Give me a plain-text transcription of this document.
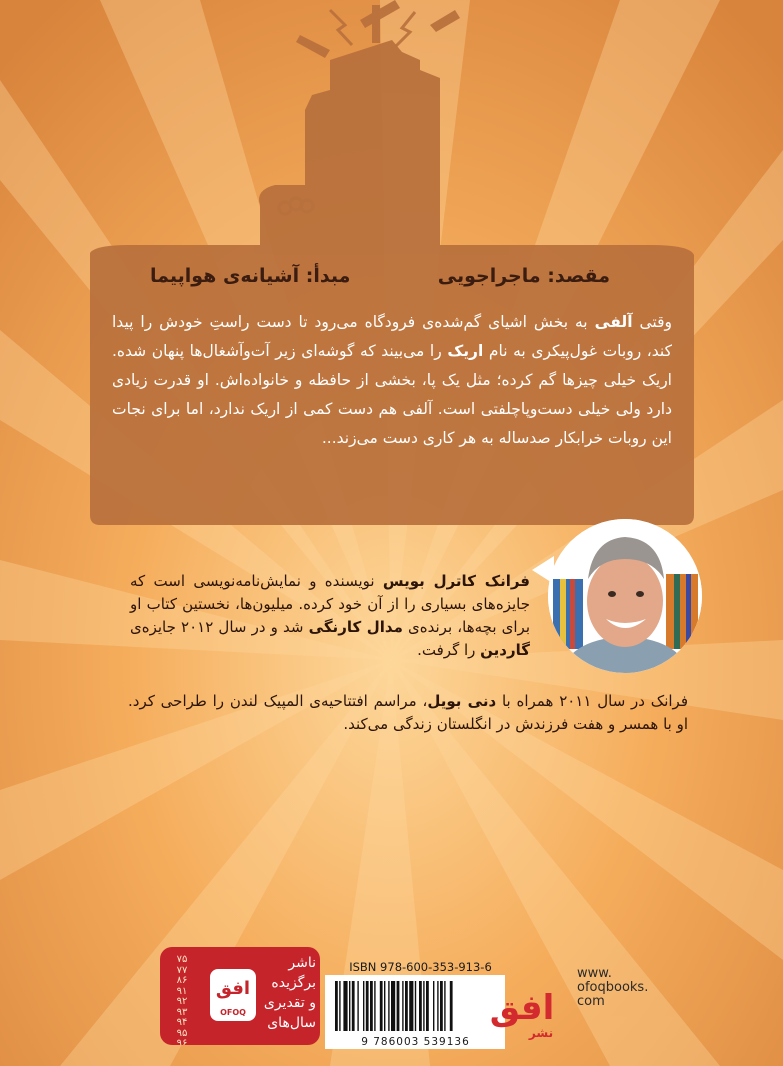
مقصد: ماجراجویی
مبدأ: آشیانه‌ی هواپیما
وقتی آلفی به بخش اشیای گم‌شده‌ی فرودگاه می‌رود تا دست راستِ خودش را پیدا کند، روبات غول‌پیکری به نام اریک را می‌بیند که گوشه‌ای زیر آت‌وآشغال‌ها پنهان شده. اریک خیلی چیزها گم کرده؛ مثل یک پا، بخشی از حافظه و خانواده‌اش. او قدرت زیادی دارد ولی خیلی دست‌وپاچلفتی است. آلفی هم دست کمی از اریک ندارد، اما برای نجات این روبات خرابکار صدساله به هر کاری دست می‌زند...
فرانک کاترل بویس نویسنده و نمایش‌نامه‌نویسی است که جایزه‌های بسیاری را از آن خود کرده. میلیون‌ها، نخستین کتاب او برای بچه‌ها، برنده‌ی مدال کارنگی شد و در سال ۲۰۱۲ جایزه‌ی گاردین را گرفت.
فرانک در سال ۲۰۱۱ همراه با دنی بویل، مراسم افتتاحیه‌ی المپیک لندن را طراحی کرد. او با همسر و هفت فرزندش در انگلستان زندگی می‌کند.
۷۵
۷۷
۸۶
۹۱
۹۲
۹۳
۹۴
۹۵
۹۶
افق
OFOQ
ناشر
برگزیده
و تقدیری
سال‌های
ISBN 978-600-353-913-6
9 786003 539136
افق
نشر
www.
ofoqbooks.
com
